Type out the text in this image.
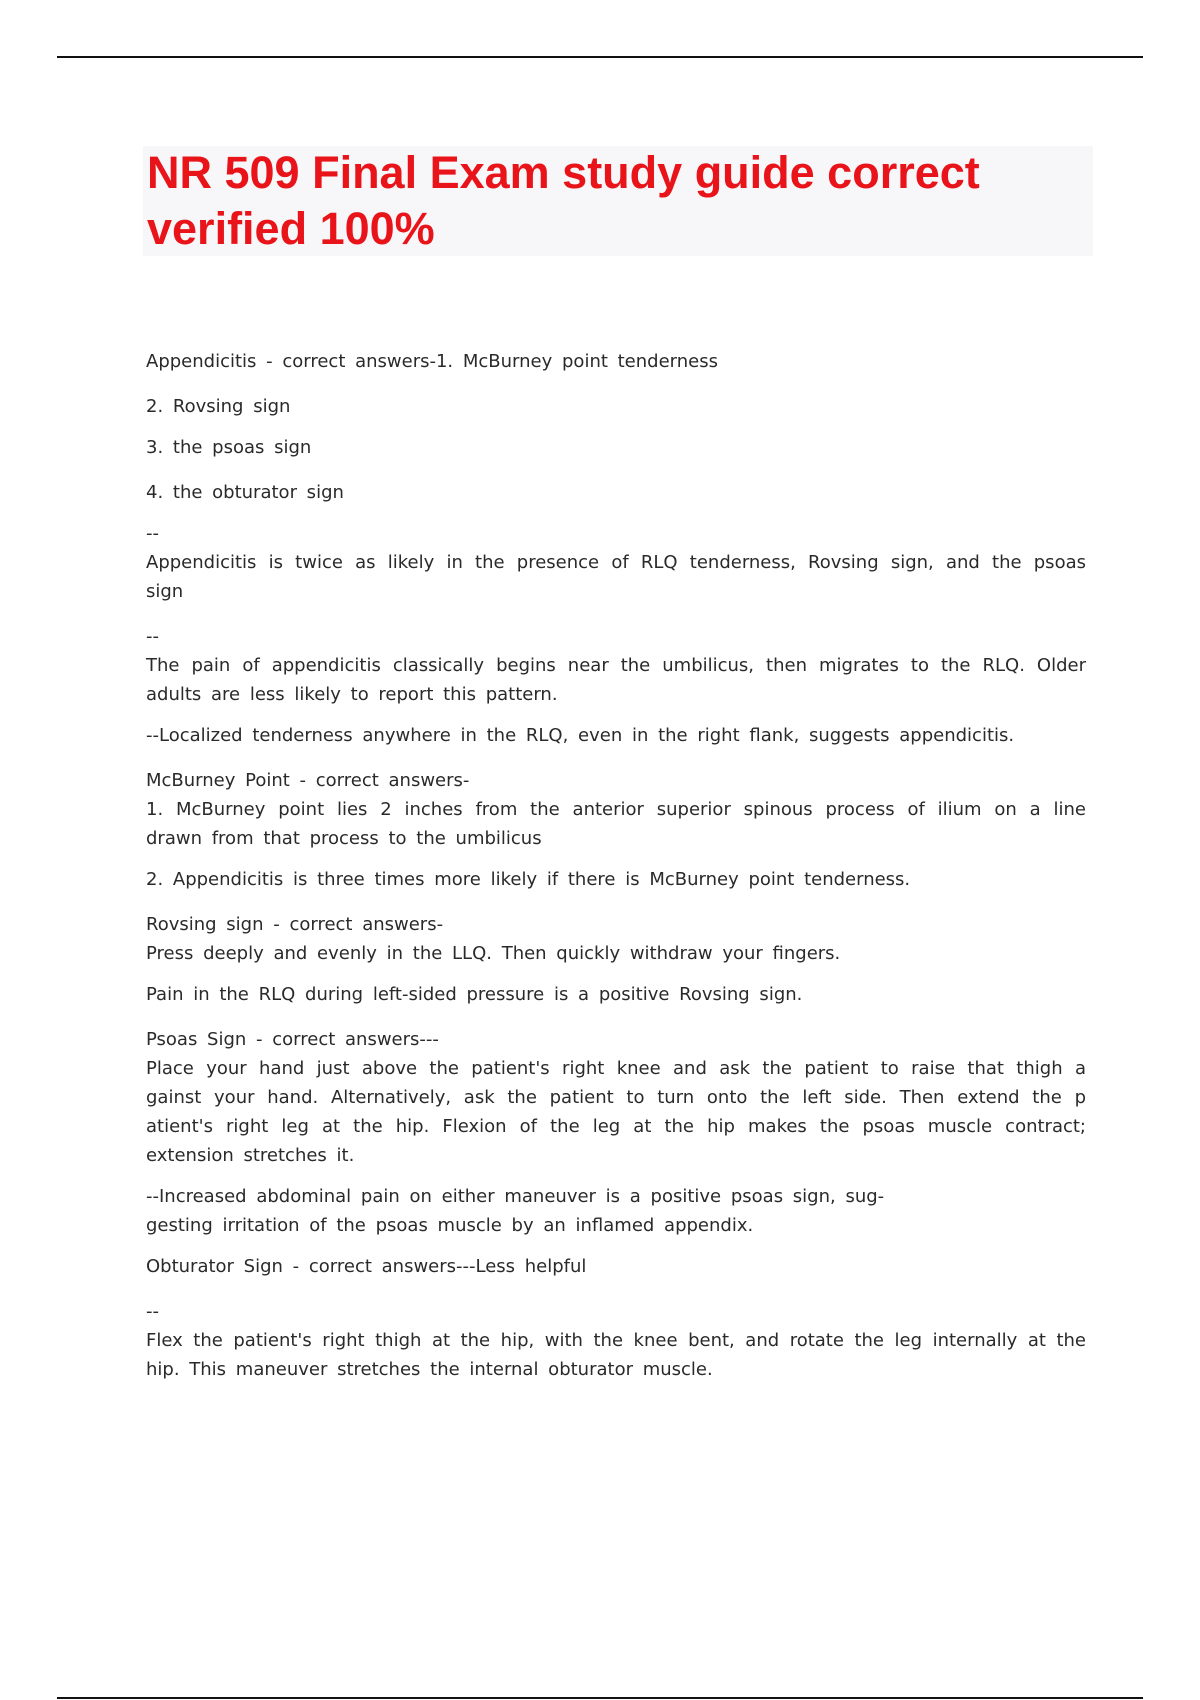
NR 509 Final Exam study guide correct verified 100%

Appendicitis - correct answers-1. McBurney point tenderness

2. Rovsing sign

3. the psoas sign

4. the obturator sign

--

Appendicitis is twice as likely in the presence of RLQ tenderness, Rovsing sign, and the psoas sign

--

The pain of appendicitis classically begins near the umbilicus, then migrates to the RLQ. Older adults are less likely to report this pattern.

--Localized tenderness anywhere in the RLQ, even in the right flank, suggests appendicitis.

McBurney Point - correct answers-

1. McBurney point lies 2 inches from the anterior superior spinous process of ilium on a line drawn from that process to the umbilicus

2. Appendicitis is three times more likely if there is McBurney point tenderness.

Rovsing sign - correct answers-

Press deeply and evenly in the LLQ. Then quickly withdraw your fingers.

Pain in the RLQ during left-sided pressure is a positive Rovsing sign.

Psoas Sign - correct answers---

Place your hand just above the patient's right knee and ask the patient to raise that thigh a gainst your hand. Alternatively, ask the patient to turn onto the left side. Then extend the p atient's right leg at the hip. Flexion of the leg at the hip makes the psoas muscle contract; extension stretches it.

--Increased abdominal pain on either maneuver is a positive psoas sign, sug-

gesting irritation of the psoas muscle by an inflamed appendix.

Obturator Sign - correct answers---Less helpful

--

Flex the patient's right thigh at the hip, with the knee bent, and rotate the leg internally at the hip. This maneuver stretches the internal obturator muscle.
